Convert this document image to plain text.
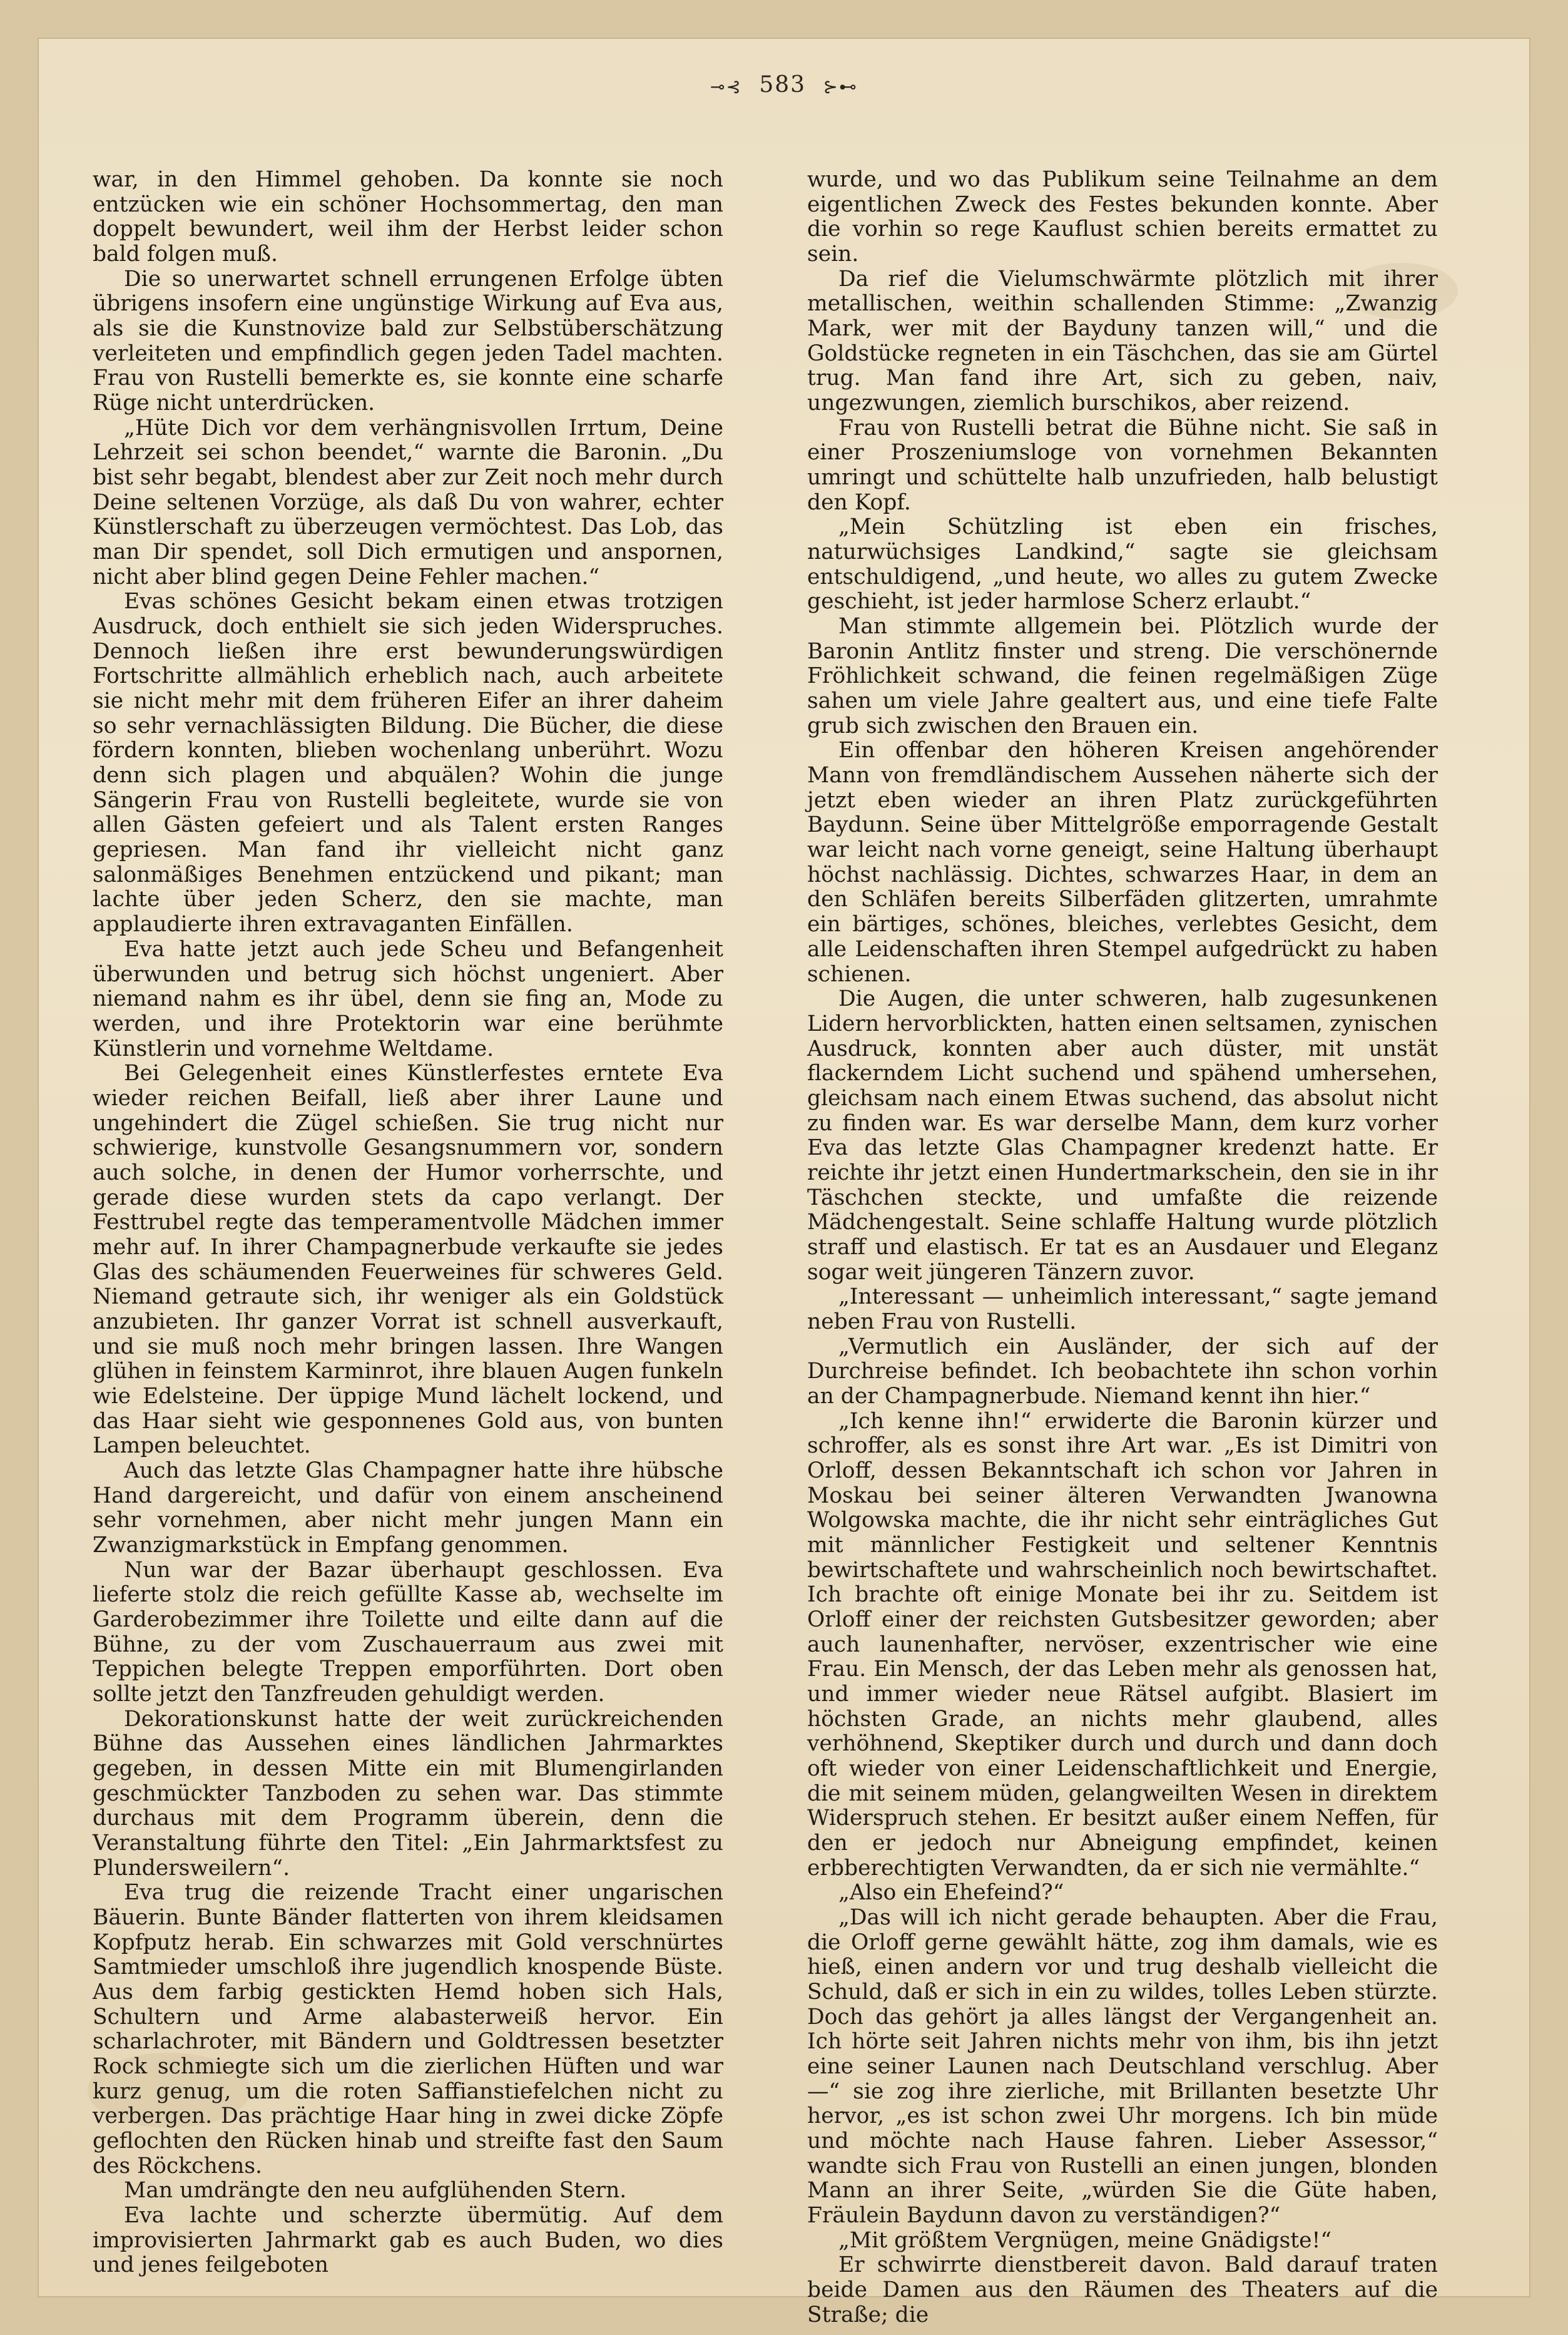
⊸⊰ 583 ⊱⊷

war, in den Himmel gehoben. Da konnte sie noch entzücken wie ein schöner Hochsommertag, den man doppelt bewundert, weil ihm der Herbst leider schon bald folgen muß.

Die so unerwartet schnell errungenen Erfolge übten übrigens insofern eine ungünstige Wirkung auf Eva aus, als sie die Kunstnovize bald zur Selbstüberschätzung verleiteten und empfindlich gegen jeden Tadel machten. Frau von Rustelli bemerkte es, sie konnte eine scharfe Rüge nicht unterdrücken.

„Hüte Dich vor dem verhängnisvollen Irrtum, Deine Lehrzeit sei schon beendet,“ warnte die Baronin. „Du bist sehr begabt, blendest aber zur Zeit noch mehr durch Deine seltenen Vorzüge, als daß Du von wahrer, echter Künstlerschaft zu überzeugen vermöchtest. Das Lob, das man Dir spendet, soll Dich ermutigen und anspornen, nicht aber blind gegen Deine Fehler machen.“

Evas schönes Gesicht bekam einen etwas trotzigen Ausdruck, doch enthielt sie sich jeden Widerspruches. Dennoch ließen ihre erst bewunderungswürdigen Fortschritte allmählich erheblich nach, auch arbeitete sie nicht mehr mit dem früheren Eifer an ihrer daheim so sehr vernachlässigten Bildung. Die Bücher, die diese fördern konnten, blieben wochenlang unberührt. Wozu denn sich plagen und abquälen? Wohin die junge Sängerin Frau von Rustelli begleitete, wurde sie von allen Gästen gefeiert und als Talent ersten Ranges gepriesen. Man fand ihr vielleicht nicht ganz salonmäßiges Benehmen entzückend und pikant; man lachte über jeden Scherz, den sie machte, man applaudierte ihren extravaganten Einfällen.

Eva hatte jetzt auch jede Scheu und Befangenheit überwunden und betrug sich höchst ungeniert. Aber niemand nahm es ihr übel, denn sie fing an, Mode zu werden, und ihre Protektorin war eine berühmte Künstlerin und vornehme Weltdame.

Bei Gelegenheit eines Künstlerfestes erntete Eva wieder reichen Beifall, ließ aber ihrer Laune und ungehindert die Zügel schießen. Sie trug nicht nur schwierige, kunstvolle Gesangsnummern vor, sondern auch solche, in denen der Humor vorherrschte, und gerade diese wurden stets da capo verlangt. Der Festtrubel regte das temperamentvolle Mädchen immer mehr auf. In ihrer Champagnerbude verkaufte sie jedes Glas des schäumenden Feuerweines für schweres Geld. Niemand getraute sich, ihr weniger als ein Goldstück anzubieten. Ihr ganzer Vorrat ist schnell ausverkauft, und sie muß noch mehr bringen lassen. Ihre Wangen glühen in feinstem Karminrot, ihre blauen Augen funkeln wie Edelsteine. Der üppige Mund lächelt lockend, und das Haar sieht wie gesponnenes Gold aus, von bunten Lampen beleuchtet.

Auch das letzte Glas Champagner hatte ihre hübsche Hand dargereicht, und dafür von einem anscheinend sehr vornehmen, aber nicht mehr jungen Mann ein Zwanzigmarkstück in Empfang genommen.

Nun war der Bazar überhaupt geschlossen. Eva lieferte stolz die reich gefüllte Kasse ab, wechselte im Garderobezimmer ihre Toilette und eilte dann auf die Bühne, zu der vom Zuschauerraum aus zwei mit Teppichen belegte Treppen emporführten. Dort oben sollte jetzt den Tanzfreuden gehuldigt werden.

Dekorationskunst hatte der weit zurückreichenden Bühne das Aussehen eines ländlichen Jahrmarktes gegeben, in dessen Mitte ein mit Blumengirlanden geschmückter Tanzboden zu sehen war. Das stimmte durchaus mit dem Programm überein, denn die Veranstaltung führte den Titel: „Ein Jahrmarktsfest zu Plundersweilern“.

Eva trug die reizende Tracht einer ungarischen Bäuerin. Bunte Bänder flatterten von ihrem kleidsamen Kopfputz herab. Ein schwarzes mit Gold verschnürtes Samtmieder umschloß ihre jugendlich knospende Büste. Aus dem farbig gestickten Hemd hoben sich Hals, Schultern und Arme alabasterweiß hervor. Ein scharlachroter, mit Bändern und Goldtressen besetzter Rock schmiegte sich um die zierlichen Hüften und war kurz genug, um die roten Saffianstiefelchen nicht zu verbergen. Das prächtige Haar hing in zwei dicke Zöpfe geflochten den Rücken hinab und streifte fast den Saum des Röckchens.

Man umdrängte den neu aufglühenden Stern.

Eva lachte und scherzte übermütig. Auf dem improvisierten Jahrmarkt gab es auch Buden, wo dies und jenes feilgeboten

wurde, und wo das Publikum seine Teilnahme an dem eigentlichen Zweck des Festes bekunden konnte. Aber die vorhin so rege Kauflust schien bereits ermattet zu sein.

Da rief die Vielumschwärmte plötzlich mit ihrer metallischen, weithin schallenden Stimme: „Zwanzig Mark, wer mit der Bayduny tanzen will,“ und die Goldstücke regneten in ein Täschchen, das sie am Gürtel trug. Man fand ihre Art, sich zu geben, naiv, ungezwungen, ziemlich burschikos, aber reizend.

Frau von Rustelli betrat die Bühne nicht. Sie saß in einer Proszeniumsloge von vornehmen Bekannten umringt und schüttelte halb unzufrieden, halb belustigt den Kopf.

„Mein Schützling ist eben ein frisches, naturwüchsiges Landkind,“ sagte sie gleichsam entschuldigend, „und heute, wo alles zu gutem Zwecke geschieht, ist jeder harmlose Scherz erlaubt.“

Man stimmte allgemein bei. Plötzlich wurde der Baronin Antlitz finster und streng. Die verschönernde Fröhlichkeit schwand, die feinen regelmäßigen Züge sahen um viele Jahre gealtert aus, und eine tiefe Falte grub sich zwischen den Brauen ein.

Ein offenbar den höheren Kreisen angehörender Mann von fremdländischem Aussehen näherte sich der jetzt eben wieder an ihren Platz zurückgeführten Baydunn. Seine über Mittelgröße emporragende Gestalt war leicht nach vorne geneigt, seine Haltung überhaupt höchst nachlässig. Dichtes, schwarzes Haar, in dem an den Schläfen bereits Silberfäden glitzerten, umrahmte ein bärtiges, schönes, bleiches, verlebtes Gesicht, dem alle Leidenschaften ihren Stempel aufgedrückt zu haben schienen.

Die Augen, die unter schweren, halb zugesunkenen Lidern hervorblickten, hatten einen seltsamen, zynischen Ausdruck, konnten aber auch düster, mit unstät flackerndem Licht suchend und spähend umhersehen, gleichsam nach einem Etwas suchend, das absolut nicht zu finden war. Es war derselbe Mann, dem kurz vorher Eva das letzte Glas Champagner kredenzt hatte. Er reichte ihr jetzt einen Hundertmarkschein, den sie in ihr Täschchen steckte, und umfaßte die reizende Mädchengestalt. Seine schlaffe Haltung wurde plötzlich straff und elastisch. Er tat es an Ausdauer und Eleganz sogar weit jüngeren Tänzern zuvor.

„Interessant — unheimlich interessant,“ sagte jemand neben Frau von Rustelli.

„Vermutlich ein Ausländer, der sich auf der Durchreise befindet. Ich beobachtete ihn schon vorhin an der Champagnerbude. Niemand kennt ihn hier.“

„Ich kenne ihn!“ erwiderte die Baronin kürzer und schroffer, als es sonst ihre Art war. „Es ist Dimitri von Orloff, dessen Bekanntschaft ich schon vor Jahren in Moskau bei seiner älteren Verwandten Jwanowna Wolgowska machte, die ihr nicht sehr einträgliches Gut mit männlicher Festigkeit und seltener Kenntnis bewirtschaftete und wahrscheinlich noch bewirtschaftet. Ich brachte oft einige Monate bei ihr zu. Seitdem ist Orloff einer der reichsten Gutsbesitzer geworden; aber auch launenhafter, nervöser, exzentrischer wie eine Frau. Ein Mensch, der das Leben mehr als genossen hat, und immer wieder neue Rätsel aufgibt. Blasiert im höchsten Grade, an nichts mehr glaubend, alles verhöhnend, Skeptiker durch und durch und dann doch oft wieder von einer Leidenschaftlichkeit und Energie, die mit seinem müden, gelangweilten Wesen in direktem Widerspruch stehen. Er besitzt außer einem Neffen, für den er jedoch nur Abneigung empfindet, keinen erbberechtigten Verwandten, da er sich nie vermählte.“

„Also ein Ehefeind?“

„Das will ich nicht gerade behaupten. Aber die Frau, die Orloff gerne gewählt hätte, zog ihm damals, wie es hieß, einen andern vor und trug deshalb vielleicht die Schuld, daß er sich in ein zu wildes, tolles Leben stürzte. Doch das gehört ja alles längst der Vergangenheit an. Ich hörte seit Jahren nichts mehr von ihm, bis ihn jetzt eine seiner Launen nach Deutschland verschlug. Aber —“ sie zog ihre zierliche, mit Brillanten besetzte Uhr hervor, „es ist schon zwei Uhr morgens. Ich bin müde und möchte nach Hause fahren. Lieber Assessor,“ wandte sich Frau von Rustelli an einen jungen, blonden Mann an ihrer Seite, „würden Sie die Güte haben, Fräulein Baydunn davon zu verständigen?“

„Mit größtem Vergnügen, meine Gnädigste!“

Er schwirrte dienstbereit davon. Bald darauf traten beide Damen aus den Räumen des Theaters auf die Straße; die
